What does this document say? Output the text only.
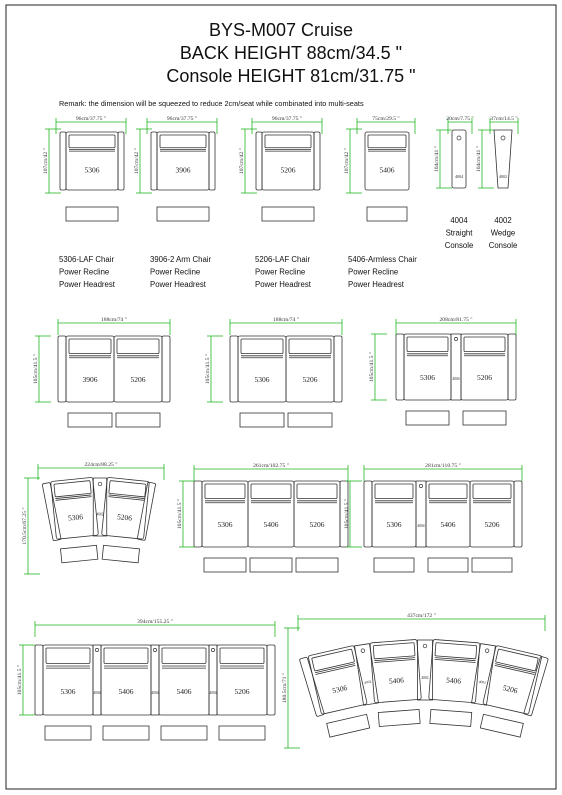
BYS-M007 Cruise
BACK HEIGHT 88cm/34.5 "
Console HEIGHT 81cm/31.75 "
Remark: the dimension will be squeezed to reduce 2cm/seat while combinated into multi-seats
5306
5306-LAF Chair
Power Recline
Power Headrest
96cm/37.75 "
107cm/42 "	3906
3906-2 Arm Chair
Power Recline
Power Headrest
96cm/37.75 "
107cm/42 "	5206
5206-LAF Chair
Power Recline
Power Headrest
96cm/37.75 "
107cm/42 "	5406
5406-Armless Chair
Power Recline
Power Headrest
75cm/29.5 "
107cm/42 "
20cm/7.75 "
104cm/41 "
4004
4004
Straight
Console
37cm/14.5 "
104cm/41 "
4002
4002
Wedge
Console
3906	5206
188cm/74 "
105cm/41.5 "	5306	5206
188cm/74 "
105cm/41.5 "	5306	4004 5206
208cm/81.75 "
105cm/41.5 "
5306	5406	5206
261cm/102.75 "
105cm/41.5 "	5306	4004 5406	5206
281cm/110.75 "
105cm/41.5 "
5306	4004 5406	4004 5406	4004 5206
394cm/155.25 "
105cm/41.5 "
5306	4002 5206
224cm/88.25 "
170.5cm/67.25 "
5306
4002 5406	4002 5406	4002
5206
437cm/172 "
180.5cm/71 "
